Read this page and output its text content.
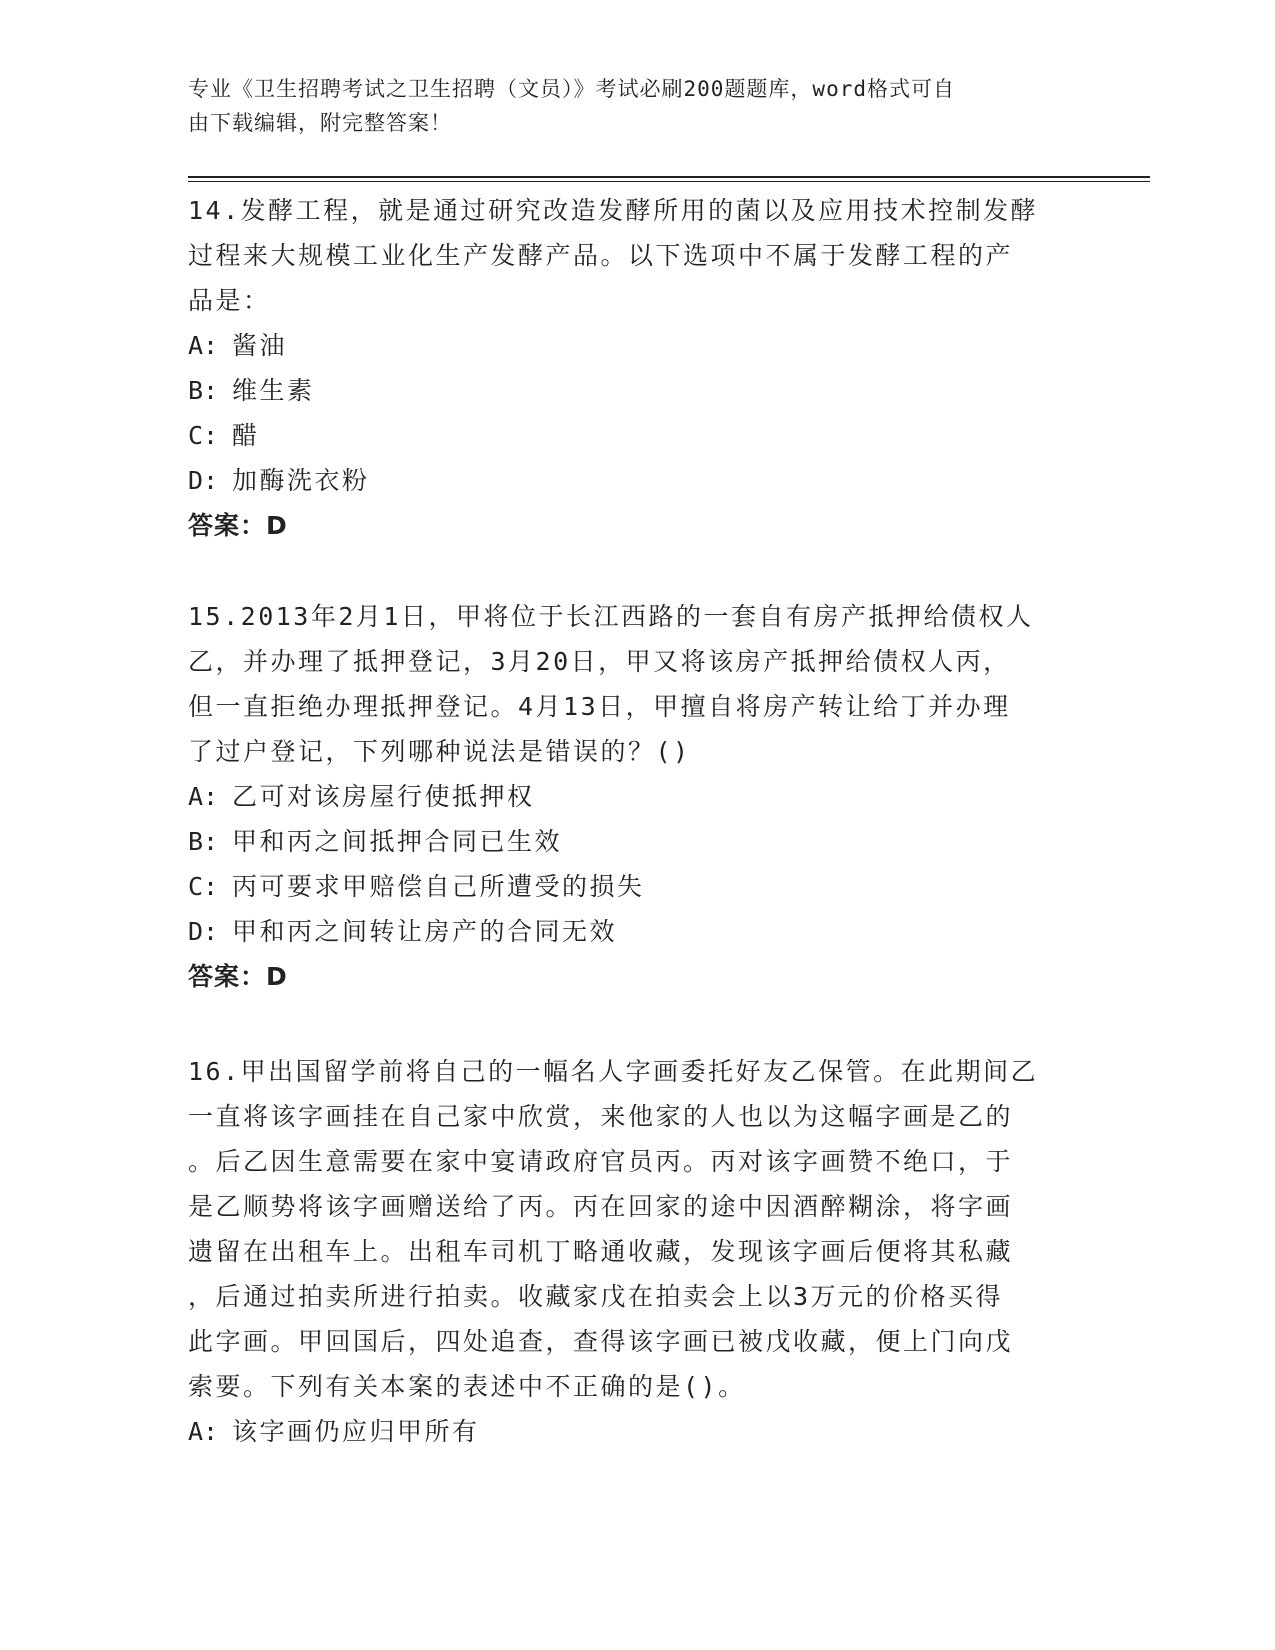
专业《卫生招聘考试之卫生招聘（文员）》考试必刷200题题库，word格式可自
由下载编辑，附完整答案！
14.发酵工程，就是通过研究改造发酵所用的菌以及应用技术控制发酵
过程来大规模工业化生产发酵产品。以下选项中不属于发酵工程的产
品是：
A: 酱油
B: 维生素
C: 醋
D: 加酶洗衣粉
答案：D
15.2013年2月1日，甲将位于长江西路的一套自有房产抵押给债权人
乙，并办理了抵押登记，3月20日，甲又将该房产抵押给债权人丙，
但一直拒绝办理抵押登记。4月13日，甲擅自将房产转让给丁并办理
了过户登记，下列哪种说法是错误的？()
A: 乙可对该房屋行使抵押权
B: 甲和丙之间抵押合同已生效
C: 丙可要求甲赔偿自己所遭受的损失
D: 甲和丙之间转让房产的合同无效
答案：D
16.甲出国留学前将自己的一幅名人字画委托好友乙保管。在此期间乙
一直将该字画挂在自己家中欣赏，来他家的人也以为这幅字画是乙的
。后乙因生意需要在家中宴请政府官员丙。丙对该字画赞不绝口，于
是乙顺势将该字画赠送给了丙。丙在回家的途中因酒醉糊涂，将字画
遗留在出租车上。出租车司机丁略通收藏，发现该字画后便将其私藏
，后通过拍卖所进行拍卖。收藏家戊在拍卖会上以3万元的价格买得
此字画。甲回国后，四处追查，查得该字画已被戊收藏，便上门向戊
索要。下列有关本案的表述中不正确的是()。
A: 该字画仍应归甲所有
